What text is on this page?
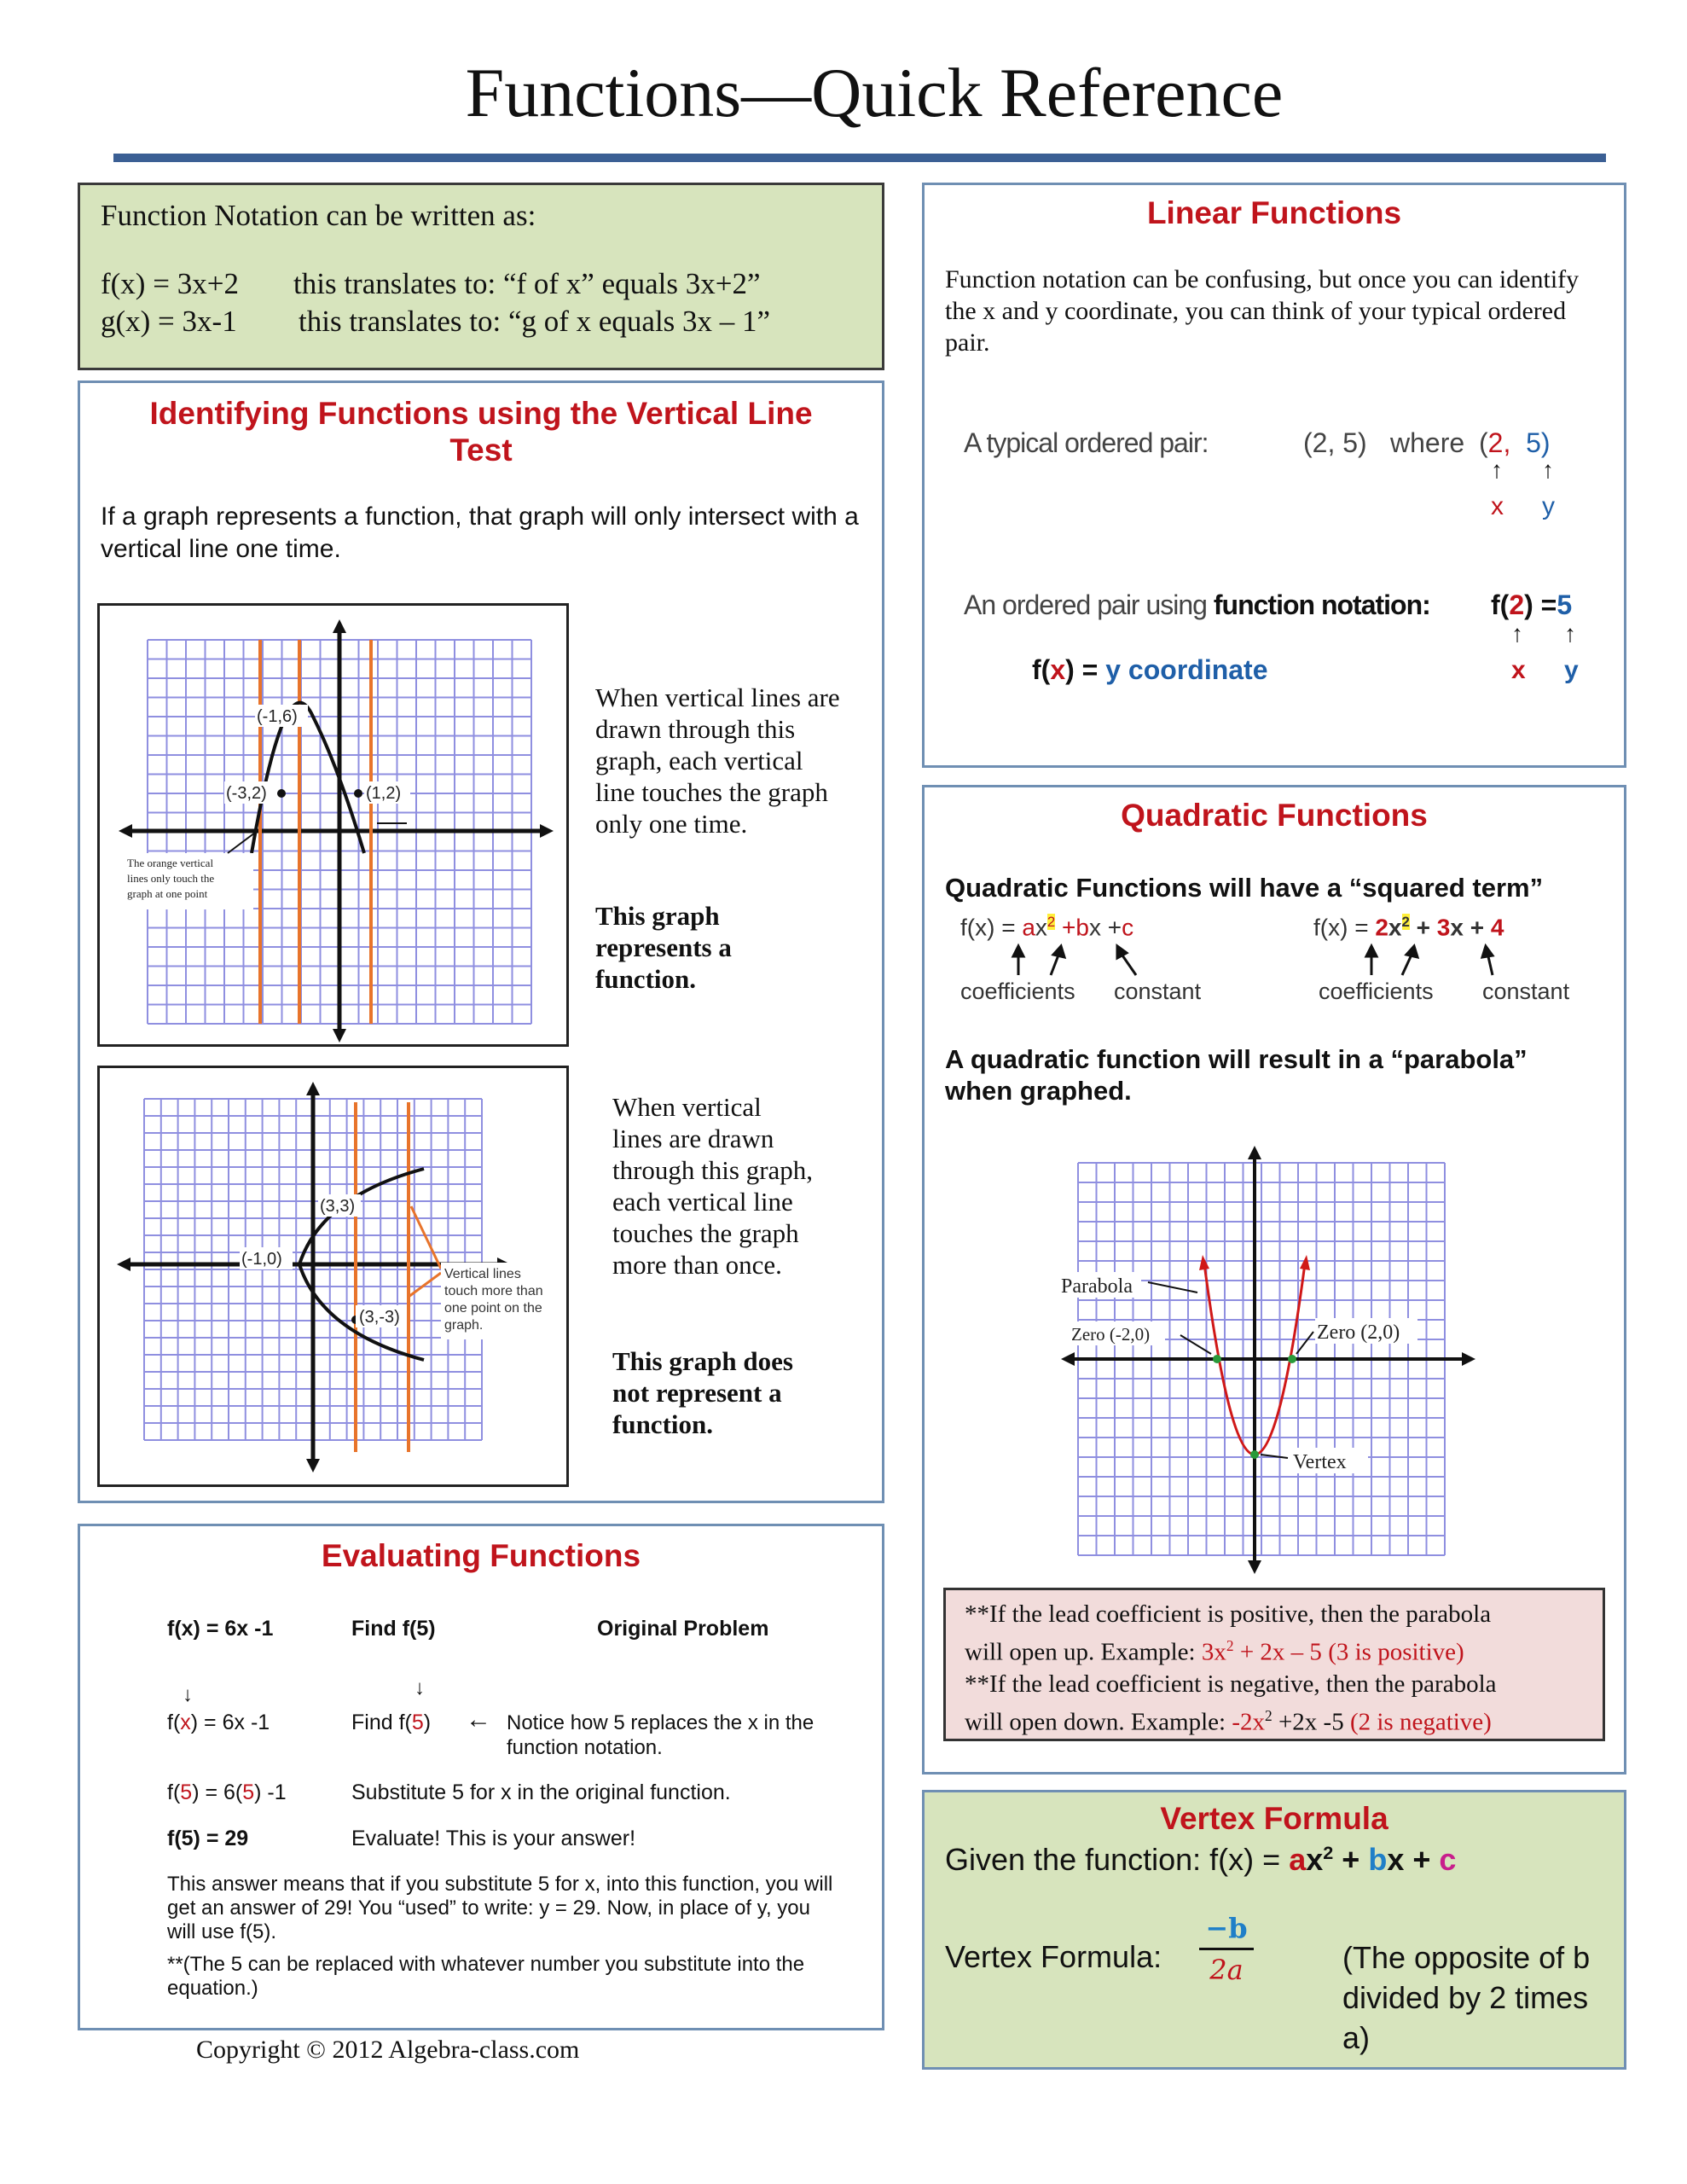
Functions—Quick Reference
Function Notation can be written as:
f(x) = 3x+2	this translates to: “f of x” equals 3x+2”
g(x) = 3x-1	this translates to: “g of x equals 3x – 1”
Identifying Functions using the Vertical Line Test
If a graph represents a function, that graph will only intersect with a vertical line one time.
(-1,6)
(-3,2)	(1,2)
The orange vertical
lines only touch the
graph at one point
When vertical lines are drawn through this graph, each vertical line touches the graph only one time.
This graph represents a function.
(3,3)
(-1,0)
(3,-3)
Vertical lines
touch more than
one point on the
graph.
When vertical lines are drawn through this graph, each vertical line touches the graph more than once.
This graph does not represent a function.
Evaluating Functions
f(x) = 6x -1	Find f(5)	Original Problem
↓	↓
f(x) = 6x -1	Find f(5) ← Notice how 5 replaces the x in the function notation.
f(5) = 6(5) -1	Substitute 5 for x in the original function.
f(5) = 29	Evaluate! This is your answer!
This answer means that if you substitute 5 for x, into this function, you will get an answer of 29! You “used” to write: y = 29. Now, in place of y, you will use f(5).
**(The 5 can be replaced with whatever number you substitute into the equation.)
Copyright © 2012 Algebra-class.com
Linear Functions
Function notation can be confusing, but once you can identify the x and y coordinate, you can think of your typical ordered pair.
A typical ordered pair:	(2, 5) where (2, 5)
↑ ↑
x y
An ordered pair using function notation: f(2) =5
↑ ↑
f(x) = y coordinate	x y
Quadratic Functions
Quadratic Functions will have a “squared term”
$f(x) = ax^2 +bx +c$	$f(x) = 2x^2 + 3x + 4$
coefficients constant	coefficients constant
A quadratic function will result in a “parabola” when graphed.
Parabola
Zero (-2,0)	Zero (2,0)
Vertex
**If the lead coefficient is positive, then the parabola
will open up. Example: $3x^2 + 2x - 5$ (3 is positive)
**If the lead coefficient is negative, then the parabola
will open down. Example: $-2x^2 +2x$ -5 (2 is negative)
Vertex Formula
Given the function: $f(x) = ax^2$ + bx + c
Vertex Formula:
−b
2a	(The opposite of b divided by 2 times a)
